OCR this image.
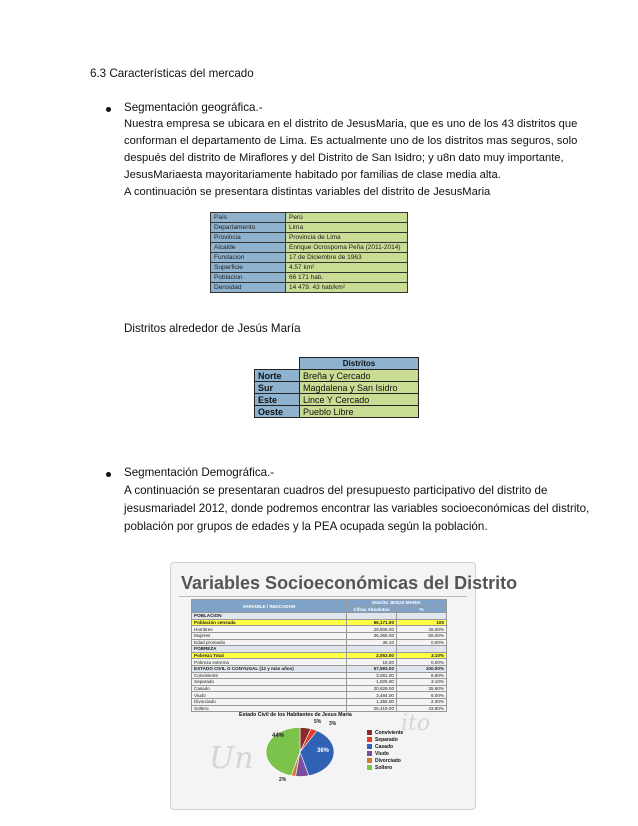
6.3 Características del mercado
Segmentación geográfica.-
Nuestra empresa se ubicara en el distrito de JesusMaria, que es uno de los 43 distritos que
conforman el departamento de Lima. Es actualmente uno de los distritos mas seguros, solo
después del distrito de Miraflores y del Distrito de San Isidro; y u8n dato muy importante,
JesusMariaesta mayoritariamente habitado por familias de clase media alta.
A continuación se presentara distintas variables del distrito de JesusMaria
País	Perú
Departamento	Lima
Provincia	Provincia de Lima
Alcalde	Enrique Ocrospoma Peña (2011-2014)
Fundacion	17 de Diciembre de 1963
Superficie	4.57 km²
Poblacion	66 171 hab.
Densidad	14 479. 43 hab/km²
Distritos alrededor de Jesús María
	Distritos
Norte	Breña y Cercado
Sur	Magdalena y San Isidro
Este	Lince Y Cercado
Oeste	Pueblo Libre
Segmentación Demográfica.-
A continuación se presentaran cuadros del presupuesto participativo del distrito de
jesusmariadel 2012, donde podremos encontrar las variables socioeconómicas del distrito,
población por grupos de edades y la PEA ocupada según la población.
Variables Socioeconómicas del Distrito
VARIABLE / INDICADOR	Distrito JESUS MARIA	
	Cifras Absolutas	%
POBLACION		
Población censada	66,171.00	100
Hombres	29,806.00	45.00%
Mujeres	36,365.00	55.00%
Edad promedio	36.10	0.00%
POBREZA		
Pobreza Total	2,053.00	3.10%
Pobreza extrema	16.00	0.00%
ESTADO CIVIL O CONYUGAL (12 y más años)	57,993.00	100.00%
Conviviente	3,081.00	6.80%
Separado	1,825.00	3.10%
Casado	20,829.00	35.90%
Viudo	3,484.00	6.00%
Divorciado	1,355.00	2.30%
Soltero	25,419.00	43.80%
Un
ito
Estado Civil de los Habitantes de Jesus Maria
44%
36%
5% 3%
2%
Conviviente
Separado
Casado
Viudo
Divorciado
Soltero
